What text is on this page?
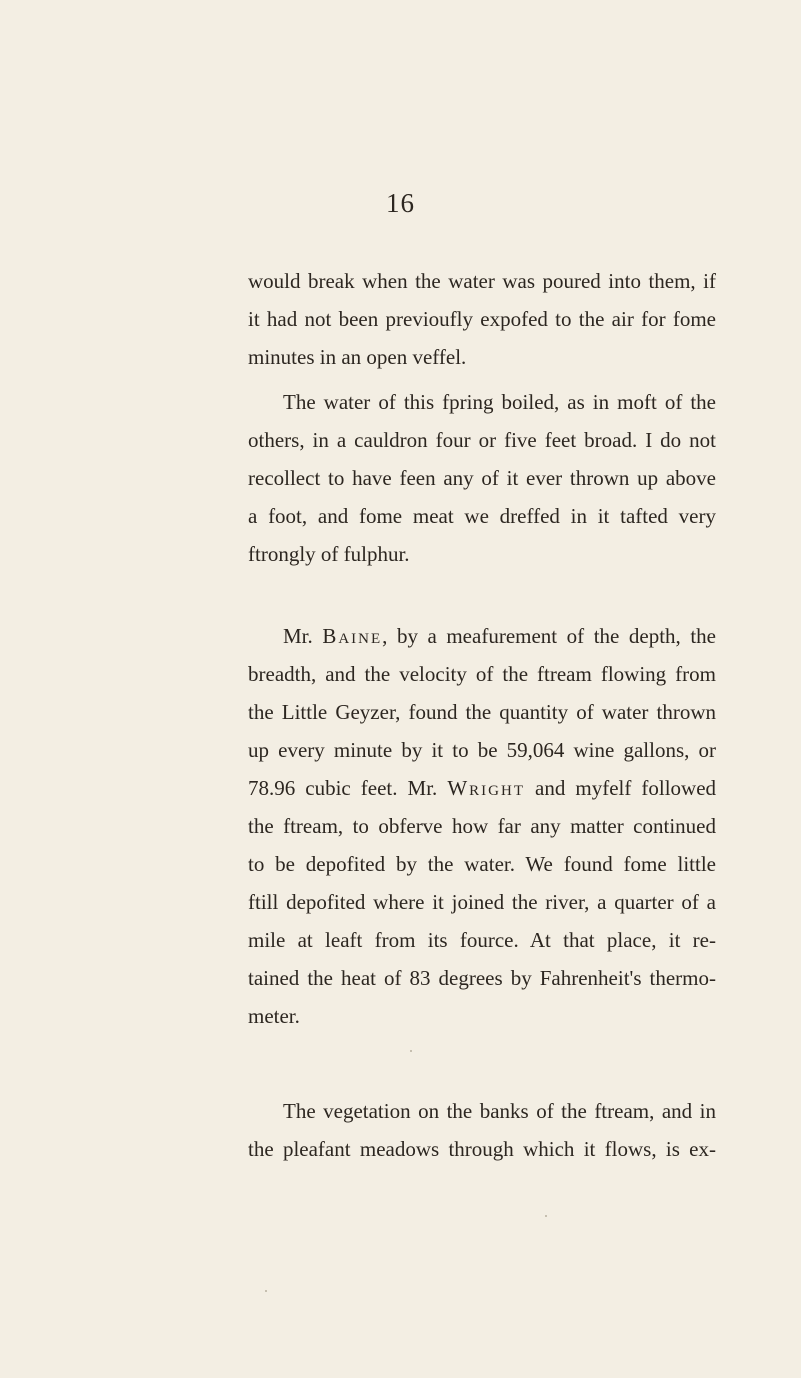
16
would break when the water was poured into them, if
it had not been previoufly expofed to the air for fome
minutes in an open veffel.
The water of this fpring boiled, as in moft of the
others, in a cauldron four or five feet broad. I do not
recollect to have feen any of it ever thrown up above
a foot, and fome meat we dreffed in it tafted very
ftrongly of fulphur.
Mr. Baine, by a meafurement of the depth, the
breadth, and the velocity of the ftream flowing from
the Little Geyzer, found the quantity of water thrown
up every minute by it to be 59,064 wine gallons, or
78.96 cubic feet. Mr. Wright and myfelf followed
the ftream, to obferve how far any matter continued
to be depofited by the water. We found fome little
ftill depofited where it joined the river, a quarter of a
mile at leaft from its fource. At that place, it re-
tained the heat of 83 degrees by Fahrenheit's thermo-
meter.
The vegetation on the banks of the ftream, and in
the pleafant meadows through which it flows, is ex-
